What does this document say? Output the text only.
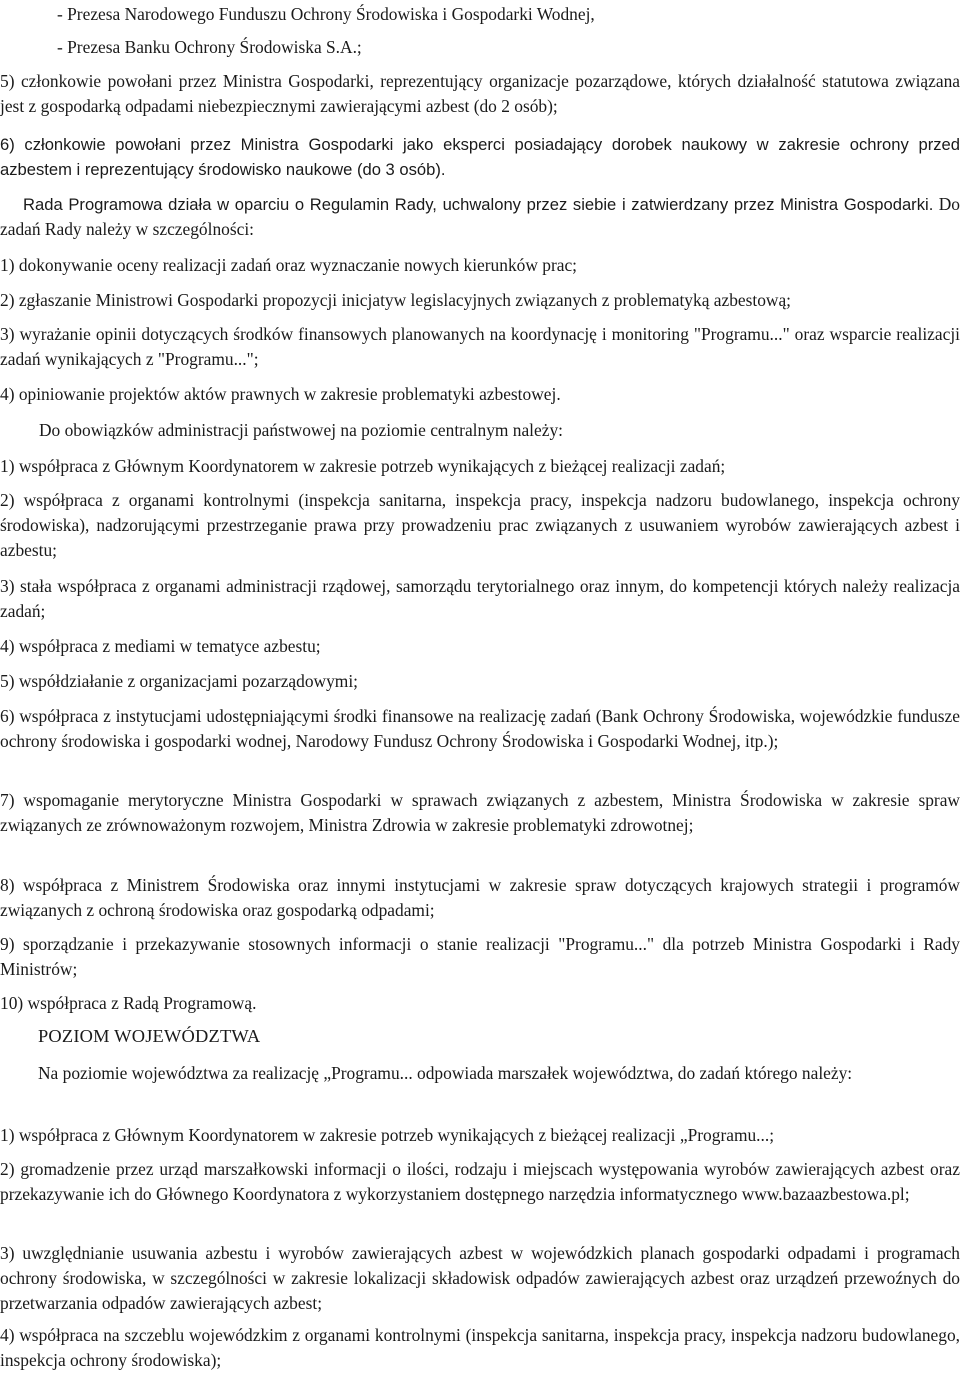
- Prezesa Narodowego Funduszu Ochrony Środowiska i Gospodarki Wodnej,

- Prezesa Banku Ochrony Środowiska S.A.;

5) członkowie powołani przez Ministra Gospodarki, reprezentujący organizacje pozarządowe, których działalność statutowa związana jest z gospodarką odpadami niebezpiecznymi zawierającymi azbest (do 2 osób);

6) członkowie powołani przez Ministra Gospodarki jako eksperci posiadający dorobek naukowy w zakresie ochrony przed azbestem i reprezentujący środowisko naukowe (do 3 osób).

Rada Programowa działa w oparciu o Regulamin Rady, uchwalony przez siebie i zatwierdzany przez Ministra Gospodarki. Do zadań Rady należy w szczególności:

1) dokonywanie oceny realizacji zadań oraz wyznaczanie nowych kierunków prac;

2) zgłaszanie Ministrowi Gospodarki propozycji inicjatyw legislacyjnych związanych z problematyką azbestową;

3) wyrażanie opinii dotyczących środków finansowych planowanych na koordynację i monitoring "Programu..." oraz wsparcie realizacji zadań wynikających z "Programu...";

4) opiniowanie projektów aktów prawnych w zakresie problematyki azbestowej.

Do obowiązków administracji państwowej na poziomie centralnym należy:

1) współpraca z Głównym Koordynatorem w zakresie potrzeb wynikających z bieżącej realizacji zadań;

2) współpraca z organami kontrolnymi (inspekcja sanitarna, inspekcja pracy, inspekcja nadzoru budowlanego, inspekcja ochrony środowiska), nadzorującymi przestrzeganie prawa przy prowadzeniu prac związanych z usuwaniem wyrobów zawierających azbest i azbestu;

3) stała współpraca z organami administracji rządowej, samorządu terytorialnego oraz innym, do kompetencji których należy realizacja zadań;

4) współpraca z mediami w tematyce azbestu;

5) współdziałanie z organizacjami pozarządowymi;

6) współpraca z instytucjami udostępniającymi środki finansowe na realizację zadań (Bank Ochrony Środowiska, wojewódzkie fundusze ochrony środowiska i gospodarki wodnej, Narodowy Fundusz Ochrony Środowiska i Gospodarki Wodnej, itp.);

7) wspomaganie merytoryczne Ministra Gospodarki w sprawach związanych z azbestem, Ministra Środowiska w zakresie spraw związanych ze zrównoważonym rozwojem, Ministra Zdrowia w zakresie problematyki zdrowotnej;

8) współpraca z Ministrem Środowiska oraz innymi instytucjami w zakresie spraw dotyczących krajowych strategii i programów związanych z ochroną środowiska oraz gospodarką odpadami;

9) sporządzanie i przekazywanie stosownych informacji o stanie realizacji "Programu..." dla potrzeb Ministra Gospodarki i Rady Ministrów;

10) współpraca z Radą Programową.

POZIOM WOJEWÓDZTWA

Na poziomie województwa za realizację „Programu... odpowiada marszałek województwa, do zadań którego należy:

1) współpraca z Głównym Koordynatorem w zakresie potrzeb wynikających z bieżącej realizacji „Programu...;

2) gromadzenie przez urząd marszałkowski informacji o ilości, rodzaju i miejscach występowania wyrobów zawierających azbest oraz przekazywanie ich do Głównego Koordynatora z wykorzystaniem dostępnego narzędzia informatycznego www.bazaazbestowa.pl;

3) uwzględnianie usuwania azbestu i wyrobów zawierających azbest w wojewódzkich planach gospodarki odpadami i programach ochrony środowiska, w szczególności w zakresie lokalizacji składowisk odpadów zawierających azbest oraz urządzeń przewoźnych do przetwarzania odpadów zawierających azbest;

4) współpraca na szczeblu wojewódzkim z organami kontrolnymi (inspekcja sanitarna, inspekcja pracy, inspekcja nadzoru budowlanego, inspekcja ochrony środowiska);
